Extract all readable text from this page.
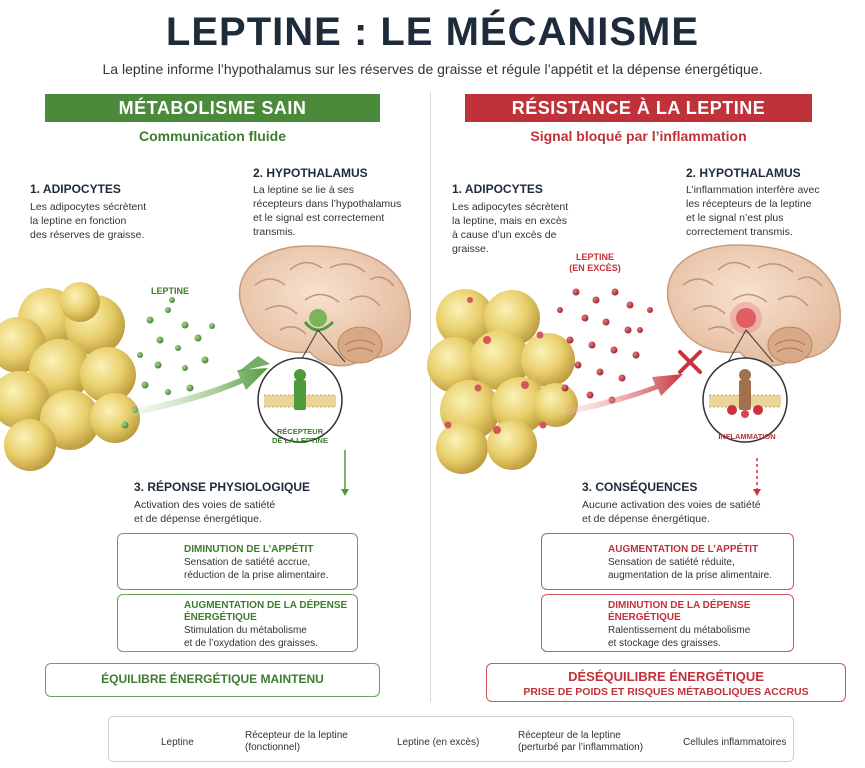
LEPTINE : LE MÉCANISME
La leptine informe l’hypothalamus sur les réserves de graisse et régule l’appétit et la dépense énergétique.
MÉTABOLISME SAIN
Communication fluide
RÉSISTANCE À LA LEPTINE
Signal bloqué par l’inflammation
1. ADIPOCYTES
Les adipocytes sécrètent
la leptine en fonction
des réserves de graisse.
2. HYPOTHALAMUS
La leptine se lie à ses
récepteurs dans l’hypothalamus
et le signal est correctement
transmis.
LEPTINE
RÉCEPTEUR
DE LA LEPTINE
3. RÉPONSE PHYSIOLOGIQUE
Activation des voies de satiété
et de dépense énergétique.
DIMINUTION DE L’APPÉTIT
Sensation de satiété accrue,
réduction de la prise alimentaire.
AUGMENTATION DE LA DÉPENSE
ÉNERGÉTIQUE
Stimulation du métabolisme
et de l’oxydation des graisses.
ÉQUILIBRE ÉNERGÉTIQUE MAINTENU
1. ADIPOCYTES
Les adipocytes sécrètent
la leptine, mais en excès
à cause d’un excès de
graisse.
2. HYPOTHALAMUS
L’inflammation interfère avec
les récepteurs de la leptine
et le signal n’est plus
correctement transmis.
LEPTINE
(EN EXCÈS)
INFLAMMATION
3. CONSÉQUENCES
Aucune activation des voies de satiété
et de dépense énergétique.
AUGMENTATION DE L’APPÉTIT
Sensation de satiété réduite,
augmentation de la prise alimentaire.
DIMINUTION DE LA DÉPENSE
ÉNERGÉTIQUE
Ralentissement du métabolisme
et stockage des graisses.
DÉSÉQUILIBRE ÉNERGÉTIQUE
PRISE DE POIDS ET RISQUES MÉTABOLIQUES ACCRUS
Leptine
Récepteur de la leptine
(fonctionnel)	Leptine (en excès)
Récepteur de la leptine
(perturbé par l’inflammation)	Cellules inflammatoires
